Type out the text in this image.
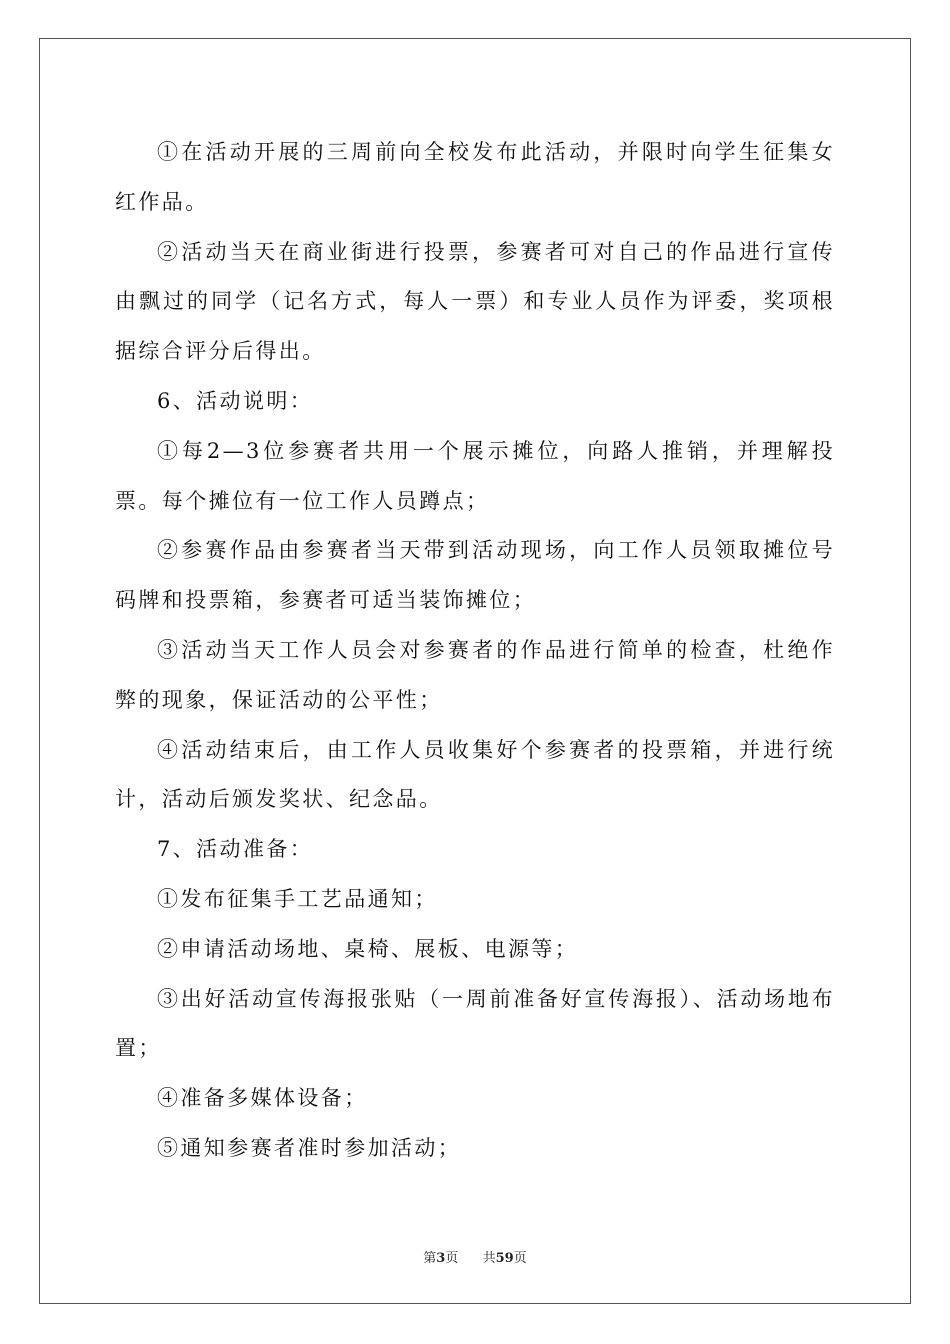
①在活动开展的三周前向全校发布此活动，并限时向学生征集女红作品。

②活动当天在商业街进行投票，参赛者可对自己的作品进行宣传由飘过的同学（记名方式，每人一票）和专业人员作为评委，奖项根据综合评分后得出。

6、活动说明：

①每2—3位参赛者共用一个展示摊位，向路人推销，并理解投票。每个摊位有一位工作人员蹲点；

②参赛作品由参赛者当天带到活动现场，向工作人员领取摊位号码牌和投票箱，参赛者可适当装饰摊位；

③活动当天工作人员会对参赛者的作品进行简单的检查，杜绝作弊的现象，保证活动的公平性；

④活动结束后，由工作人员收集好个参赛者的投票箱，并进行统计，活动后颁发奖状、纪念品。

7、活动准备：

①发布征集手工艺品通知；

②申请活动场地、桌椅、展板、电源等；

③出好活动宣传海报张贴（一周前准备好宣传海报）、活动场地布置；

④准备多媒体设备；

⑤通知参赛者准时参加活动；

第3页 共59页
